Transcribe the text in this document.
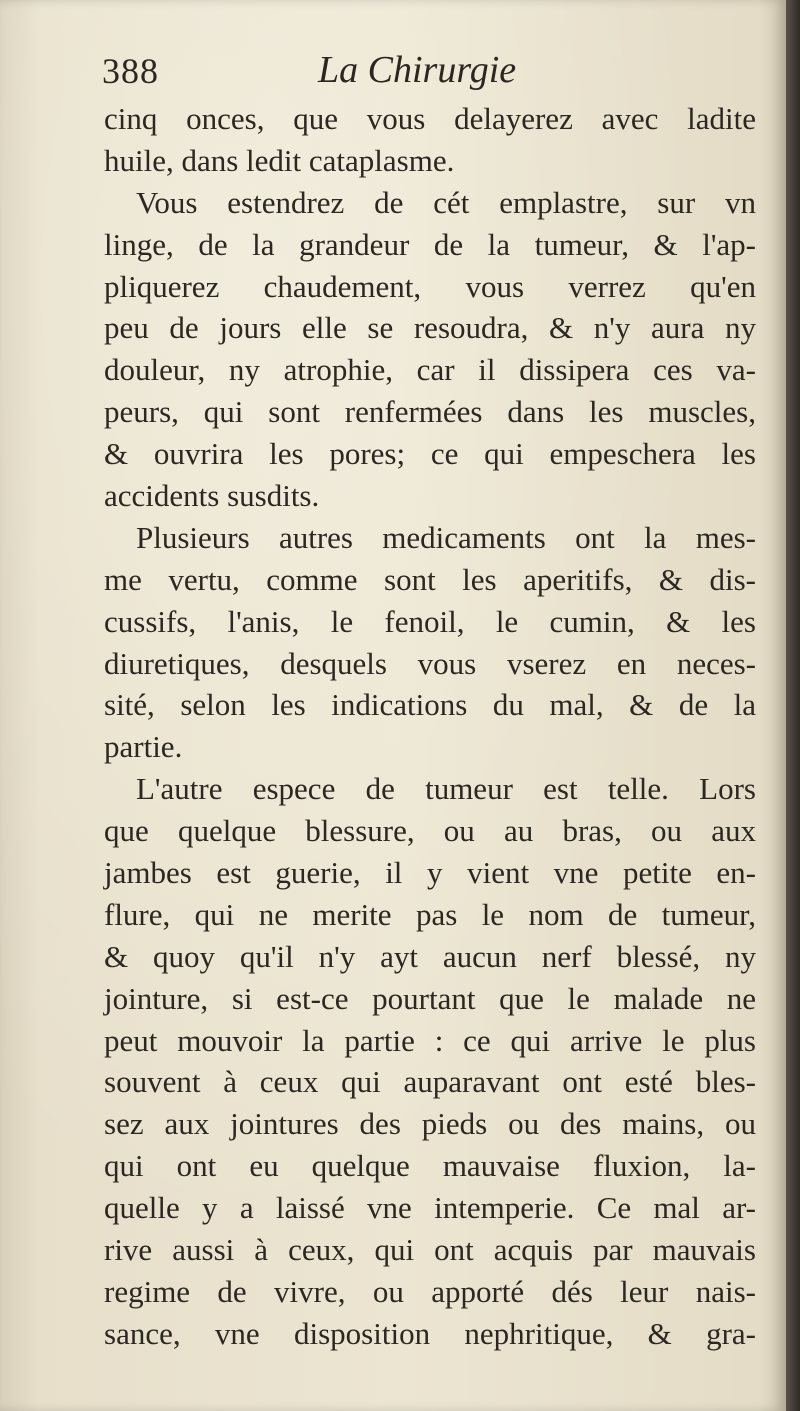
388	La Chirurgie
cinq onces, que vous delayerez avec ladite
huile, dans ledit cataplasme.
Vous estendrez de cét emplastre, sur vn
linge, de la grandeur de la tumeur, & l'ap-
pliquerez chaudement, vous verrez qu'en
peu de jours elle se resoudra, & n'y aura ny
douleur, ny atrophie, car il dissipera ces va-
peurs, qui sont renfermées dans les muscles,
& ouvrira les pores; ce qui empeschera les
accidents susdits.
Plusieurs autres medicaments ont la mes-
me vertu, comme sont les aperitifs, & dis-
cussifs, l'anis, le fenoil, le cumin, & les
diuretiques, desquels vous vserez en neces-
sité, selon les indications du mal, & de la
partie.
L'autre espece de tumeur est telle. Lors
que quelque blessure, ou au bras, ou aux
jambes est guerie, il y vient vne petite en-
flure, qui ne merite pas le nom de tumeur,
& quoy qu'il n'y ayt aucun nerf blessé, ny
jointure, si est-ce pourtant que le malade ne
peut mouvoir la partie : ce qui arrive le plus
souvent à ceux qui auparavant ont esté bles-
sez aux jointures des pieds ou des mains, ou
qui ont eu quelque mauvaise fluxion, la-
quelle y a laissé vne intemperie. Ce mal ar-
rive aussi à ceux, qui ont acquis par mauvais
regime de vivre, ou apporté dés leur nais-
sance, vne disposition nephritique, & gra-
